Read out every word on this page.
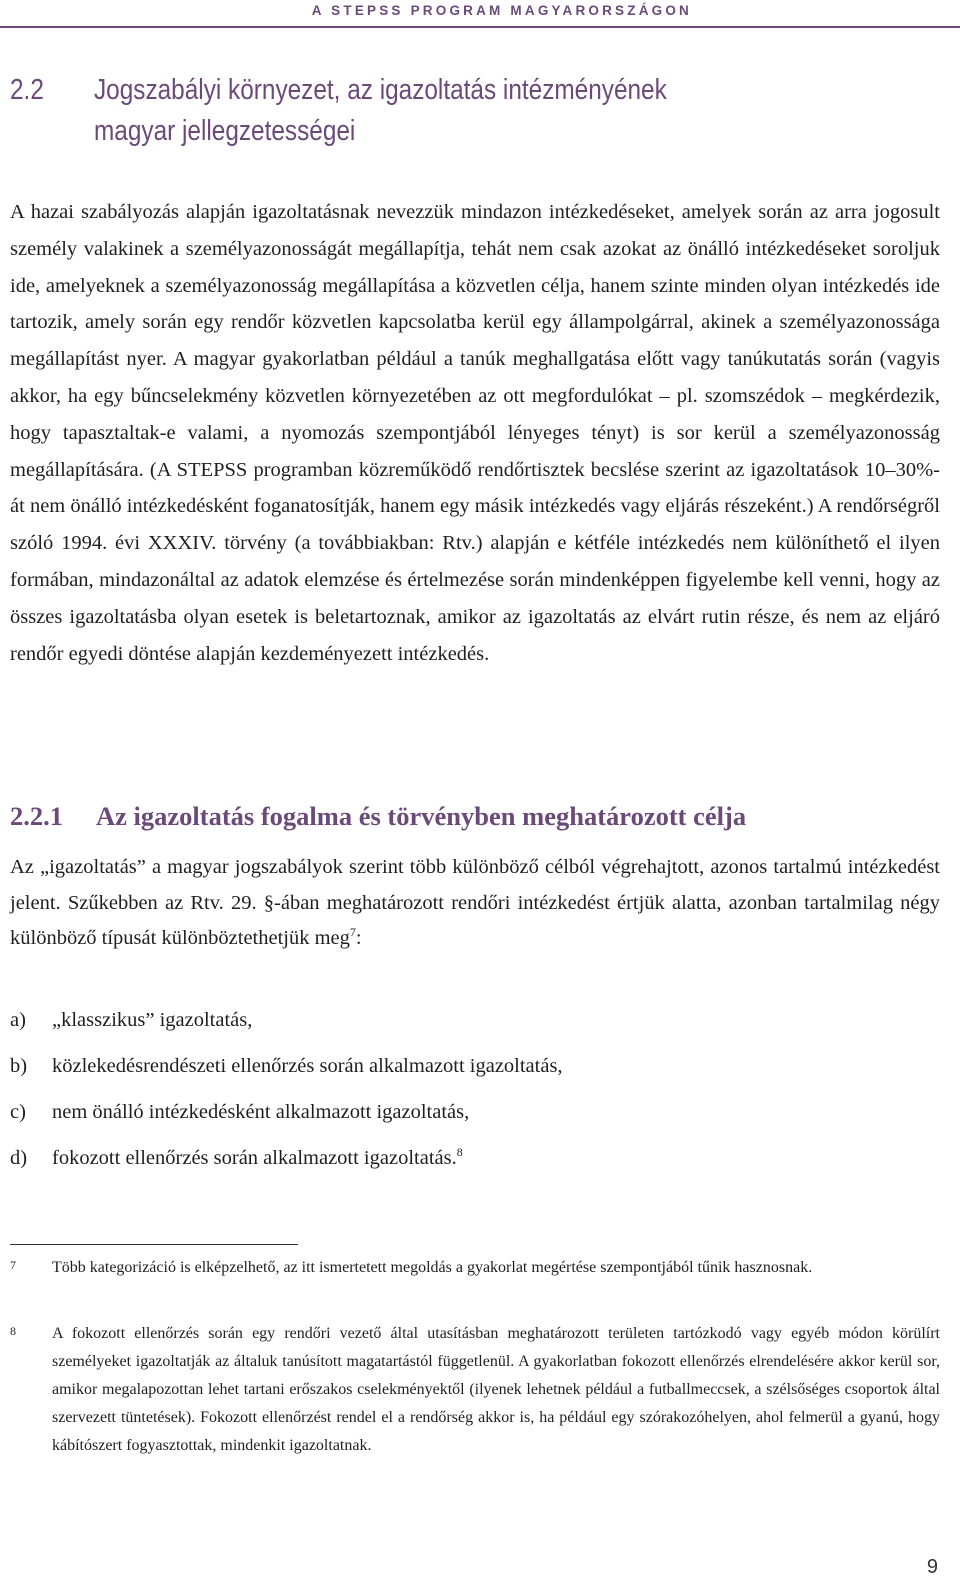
A STEPSS PROGRAM MAGYARORSZÁGON
2.2 Jogszabályi környezet, az igazoltatás intézményének magyar jellegzetességei

A hazai szabályozás alapján igazoltatásnak nevezzük mindazon intézkedéseket, amelyek során az arra jogosult személy valakinek a személyazonosságát megállapítja, tehát nem csak azokat az önálló intézkedéseket soroljuk ide, amelyeknek a személyazonosság megállapítása a közvetlen célja, hanem szinte minden olyan intézkedés ide tartozik, amely során egy rendőr közvetlen kapcsolatba kerül egy állampolgárral, akinek a személyazonossága megállapítást nyer. A magyar gyakorlatban például a tanúk meghallgatása előtt vagy tanúkutatás során (vagyis akkor, ha egy bűncselekmény közvetlen környezetében az ott megfordulókat – pl. szomszédok – megkérdezik, hogy tapasztaltak-e valami, a nyomozás szempontjából lényeges tényt) is sor kerül a személyazonosság megállapítására. (A STEPSS programban közreműködő rendőrtisztek becslése szerint az igazoltatások 10–30%-át nem önálló intézkedésként foganatosítják, hanem egy másik intézkedés vagy eljárás részeként.) A rendőrségről szóló 1994. évi XXXIV. törvény (a továbbiakban: Rtv.) alapján e kétféle intézkedés nem különíthető el ilyen formában, mindazonáltal az adatok elemzése és értelmezése során mindenképpen figyelembe kell venni, hogy az összes igazoltatásba olyan esetek is beletartoznak, amikor az igazoltatás az elvárt rutin része, és nem az eljáró rendőr egyedi döntése alapján kezdeményezett intézkedés.

2.2.1 Az igazoltatás fogalma és törvényben meghatározott célja

Az „igazoltatás” a magyar jogszabályok szerint több különböző célból végrehajtott, azonos tartalmú intézkedést jelent. Szűkebben az Rtv. 29. §-ában meghatározott rendőri intézkedést értjük alatta, azonban tartalmilag négy különböző típusát különböztethetjük meg$^7$:

a) „klasszikus” igazoltatás,
b) közlekedésrendészeti ellenőrzés során alkalmazott igazoltatás,
c) nem önálló intézkedésként alkalmazott igazoltatás,
d) fokozott ellenőrzés során alkalmazott igazoltatás.$^8$
7 Több kategorizáció is elképzelhető, az itt ismertetett megoldás a gyakorlat megértése szempontjából tűnik hasznosnak.
8 A fokozott ellenőrzés során egy rendőri vezető által utasításban meghatározott területen tartózkodó vagy egyéb módon körülírt személyeket igazoltatják az általuk tanúsított magatartástól függetlenül. A gyakorlatban fokozott ellenőrzés elrendelésére akkor kerül sor, amikor megalapozottan lehet tartani erőszakos cselekményektől (ilyenek lehetnek például a futballmeccsek, a szélsőséges csoportok által szervezett tüntetések). Fokozott ellenőrzést rendel el a rendőrség akkor is, ha például egy szórakozóhelyen, ahol felmerül a gyanú, hogy kábítószert fogyasztottak, mindenkit igazoltatnak.
9
